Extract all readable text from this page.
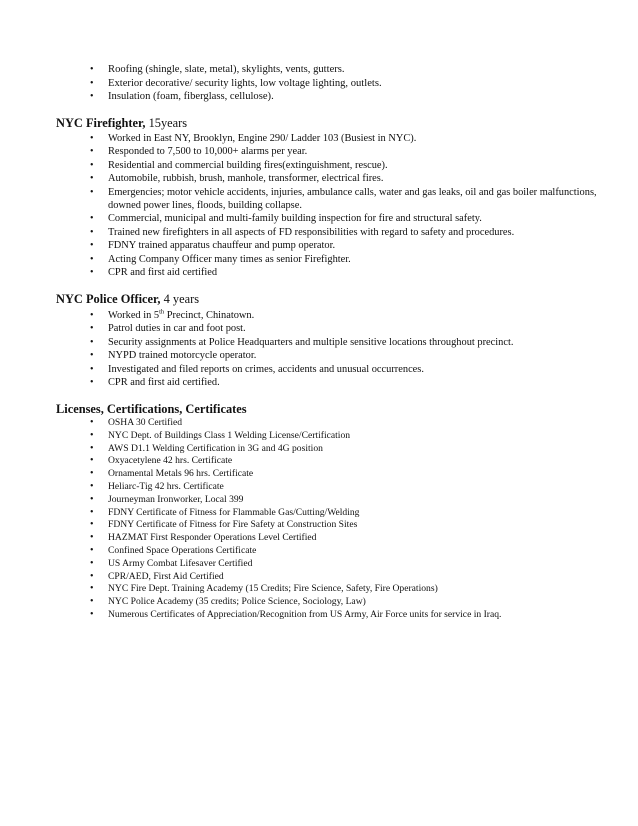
• Roofing (shingle, slate, metal), skylights, vents, gutters.
• Exterior decorative/ security lights, low voltage lighting, outlets.
• Insulation (foam, fiberglass, cellulose).
NYC Firefighter, 15years
• Worked in East NY, Brooklyn, Engine 290/ Ladder 103 (Busiest in NYC).
• Responded to 7,500 to 10,000+ alarms per year.
• Residential and commercial building fires(extinguishment, rescue).
• Automobile, rubbish, brush, manhole, transformer, electrical fires.
• Emergencies; motor vehicle accidents, injuries, ambulance calls, water and gas leaks, oil and gas boiler malfunctions, downed power lines, floods, building collapse.
• Commercial, municipal and multi-family building inspection for fire and structural safety.
• Trained new firefighters in all aspects of FD responsibilities with regard to safety and procedures.
• FDNY trained apparatus chauffeur and pump operator.
• Acting Company Officer many times as senior Firefighter.
• CPR and first aid certified
NYC Police Officer, 4 years
• Worked in 5th Precinct, Chinatown.
• Patrol duties in car and foot post.
• Security assignments at Police Headquarters and multiple sensitive locations throughout precinct.
• NYPD trained motorcycle operator.
• Investigated and filed reports on crimes, accidents and unusual occurrences.
• CPR and first aid certified.
Licenses, Certifications, Certificates
• OSHA 30 Certified
• NYC Dept. of Buildings Class 1 Welding License/Certification
• AWS D1.1 Welding Certification in 3G and 4G position
• Oxyacetylene 42 hrs. Certificate
• Ornamental Metals 96 hrs. Certificate
• Heliarc-Tig 42 hrs. Certificate
• Journeyman Ironworker, Local 399
• FDNY Certificate of Fitness for Flammable Gas/Cutting/Welding
• FDNY Certificate of Fitness for Fire Safety at Construction Sites
• HAZMAT First Responder Operations Level Certified
• Confined Space Operations Certificate
• US Army Combat Lifesaver Certified
• CPR/AED, First Aid Certified
• NYC Fire Dept. Training Academy (15 Credits; Fire Science, Safety, Fire Operations)
• NYC Police Academy (35 credits; Police Science, Sociology, Law)
• Numerous Certificates of Appreciation/Recognition from US Army, Air Force units for service in Iraq.
